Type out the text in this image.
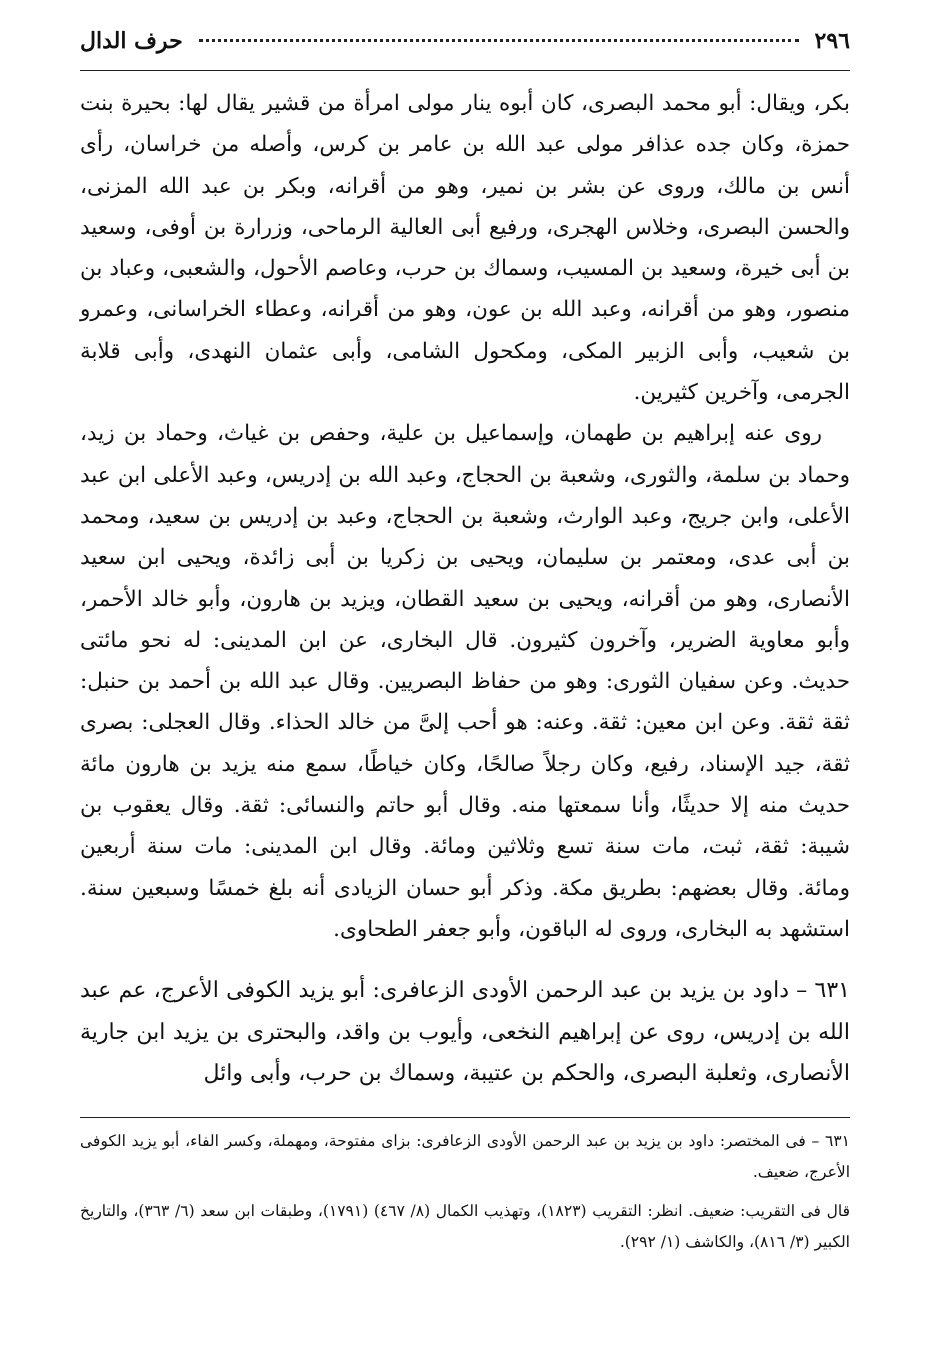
٢٩٦
حرف الدال

بكر، ويقال: أبو محمد البصرى، كان أبوه ينار مولى امرأة من قشير يقال لها: بحيرة بنت حمزة، وكان جده عذافر مولى عبد الله بن عامر بن كرس، وأصله من خراسان، رأى أنس بن مالك، وروى عن بشر بن نمير، وهو من أقرانه، وبكر بن عبد الله المزنى، والحسن البصرى، وخلاس الهجرى، ورفيع أبى العالية الرماحى، وزرارة بن أوفى، وسعيد بن أبى خيرة، وسعيد بن المسيب، وسماك بن حرب، وعاصم الأحول، والشعبى، وعباد بن منصور، وهو من أقرانه، وعبد الله بن عون، وهو من أقرانه، وعطاء الخراسانى، وعمرو بن شعيب، وأبى الزبير المكى، ومكحول الشامى، وأبى عثمان النهدى، وأبى قلابة الجرمى، وآخرين كثيرين.

روى عنه إبراهيم بن طهمان، وإسماعيل بن علية، وحفص بن غياث، وحماد بن زيد، وحماد بن سلمة، والثورى، وشعبة بن الحجاج، وعبد الله بن إدريس، وعبد الأعلى ابن عبد الأعلى، وابن جريج، وعبد الوارث، وشعبة بن الحجاج، وعبد بن إدريس بن سعيد، ومحمد بن أبى عدى، ومعتمر بن سليمان، ويحيى بن زكريا بن أبى زائدة، ويحيى ابن سعيد الأنصارى، وهو من أقرانه، ويحيى بن سعيد القطان، ويزيد بن هارون، وأبو خالد الأحمر، وأبو معاوية الضرير، وآخرون كثيرون. قال البخارى، عن ابن المدينى: له نحو مائتى حديث. وعن سفيان الثورى: وهو من حفاظ البصريين. وقال عبد الله بن أحمد بن حنبل: ثقة ثقة. وعن ابن معين: ثقة. وعنه: هو أحب إلىَّ من خالد الحذاء. وقال العجلى: بصرى ثقة، جيد الإسناد، رفيع، وكان رجلاً صالحًا، وكان خياطًا، سمع منه يزيد بن هارون مائة حديث منه إلا حديثًا، وأنا سمعتها منه. وقال أبو حاتم والنسائى: ثقة. وقال يعقوب بن شيبة: ثقة، ثبت، مات سنة تسع وثلاثين ومائة. وقال ابن المدينى: مات سنة أربعين ومائة. وقال بعضهم: بطريق مكة. وذكر أبو حسان الزيادى أنه بلغ خمسًا وسبعين سنة. استشهد به البخارى، وروى له الباقون، وأبو جعفر الطحاوى.

٦٣١ – داود بن يزيد بن عبد الرحمن الأودى الزعافرى: أبو يزيد الكوفى الأعرج، عم عبد الله بن إدريس، روى عن إبراهيم النخعى، وأيوب بن واقد، والبحترى بن يزيد ابن جارية الأنصارى، وثعلبة البصرى، والحكم بن عتيبة، وسماك بن حرب، وأبى وائل

٦٣١ – فى المختصر: داود بن يزيد بن عبد الرحمن الأودى الزعافرى: بزاى مفتوحة، ومهملة، وكسر الفاء، أبو يزيد الكوفى الأعرج، ضعيف.

قال فى التقريب: ضعيف. انظر: التقريب (١٨٢٣)، وتهذيب الكمال (٨/ ٤٦٧) (١٧٩١)، وطبقات ابن سعد (٦/ ٣٦٣)، والتاريخ الكبير (٣/ ٨١٦)، والكاشف (١/ ٢٩٢).
